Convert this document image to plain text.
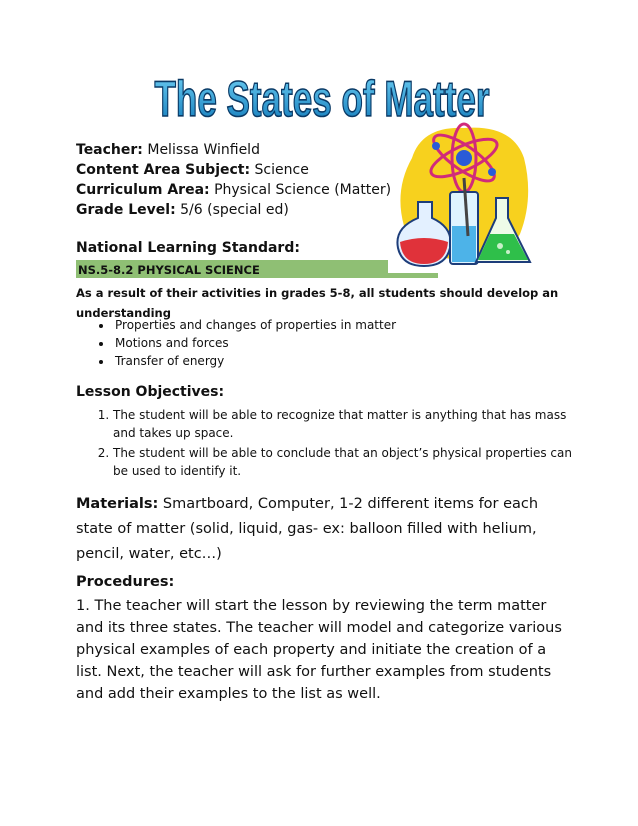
The States of Matter
Teacher: Melissa Winfield
Content Area Subject: Science
Curriculum Area: Physical Science (Matter)
Grade Level: 5/6 (special ed)
National Learning Standard:
NS.5-8.2 PHYSICAL SCIENCE
As a result of their activities in grades 5-8, all students should develop an understanding
• Properties and changes of properties in matter
• Motions and forces
• Transfer of energy
Lesson Objectives:
1. The student will be able to recognize that matter is anything that has mass and takes up space.
2. The student will be able to conclude that an object’s physical properties can be used to identify it.
Materials: Smartboard, Computer, 1-2 different items for each state of matter (solid, liquid, gas- ex: balloon filled with helium, pencil, water, etc…)
Procedures:
1. The teacher will start the lesson by reviewing the term matter and its three states. The teacher will model and categorize various physical examples of each property and initiate the creation of a list. Next, the teacher will ask for further examples from students and add their examples to the list as well.
